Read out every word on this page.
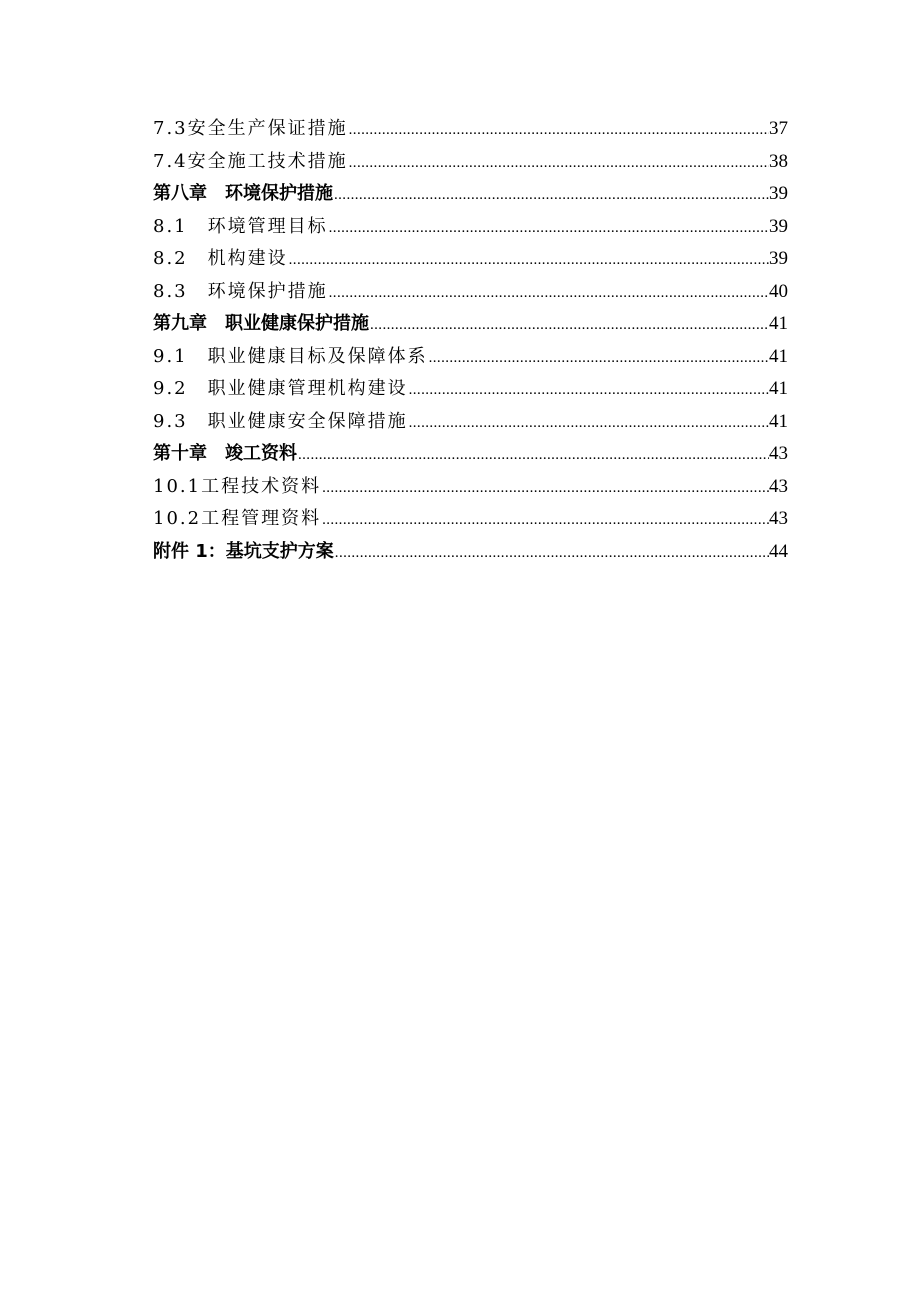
7.3安全生产保证措施 .....	37
7.4安全施工技术措施 .....	38
第八章　环境保护措施 .....	39
8.1　环境管理目标 .....	39
8.2　机构建设 .....	39
8.3　环境保护措施 .....	40
第九章　职业健康保护措施 .....	41
9.1　职业健康目标及保障体系 .....	41
9.2　职业健康管理机构建设 .....	41
9.3　职业健康安全保障措施 .....	41
第十章　竣工资料 .....	43
10.1工程技术资料 .....	43
10.2工程管理资料 .....	43
附件 1：基坑支护方案 .....	44
